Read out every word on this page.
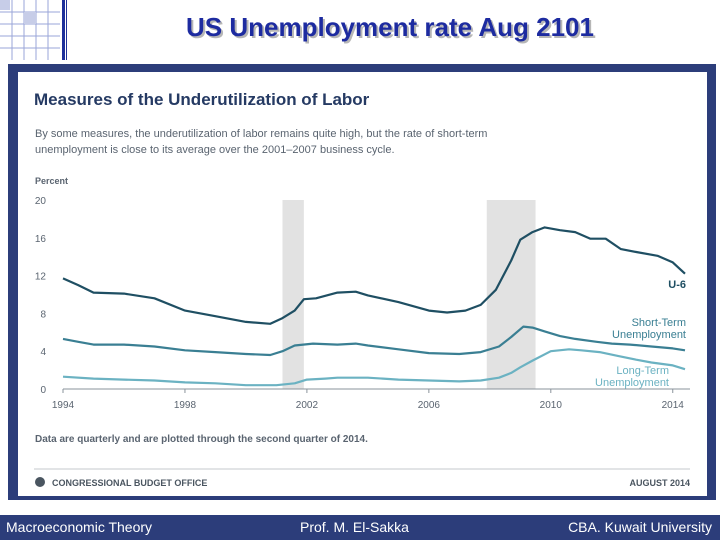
US Unemployment rate Aug 2101
Measures of the Underutilization of Labor
By some measures, the underutilization of labor remains quite high, but the rate of short-term
unemployment is close to its average over the 2001–2007 business cycle.
Percent
0
4
8
12
16
20
1994	1998	2002	2006	2010	2014
U-6
Short-Term
Unemployment
Long-Term
Unemployment
Data are quarterly and are plotted through the second quarter of 2014.
CONGRESSIONAL BUDGET OFFICE	AUGUST 2014
Macroeconomic Theory	Prof. M. El-Sakka	CBA. Kuwait University
